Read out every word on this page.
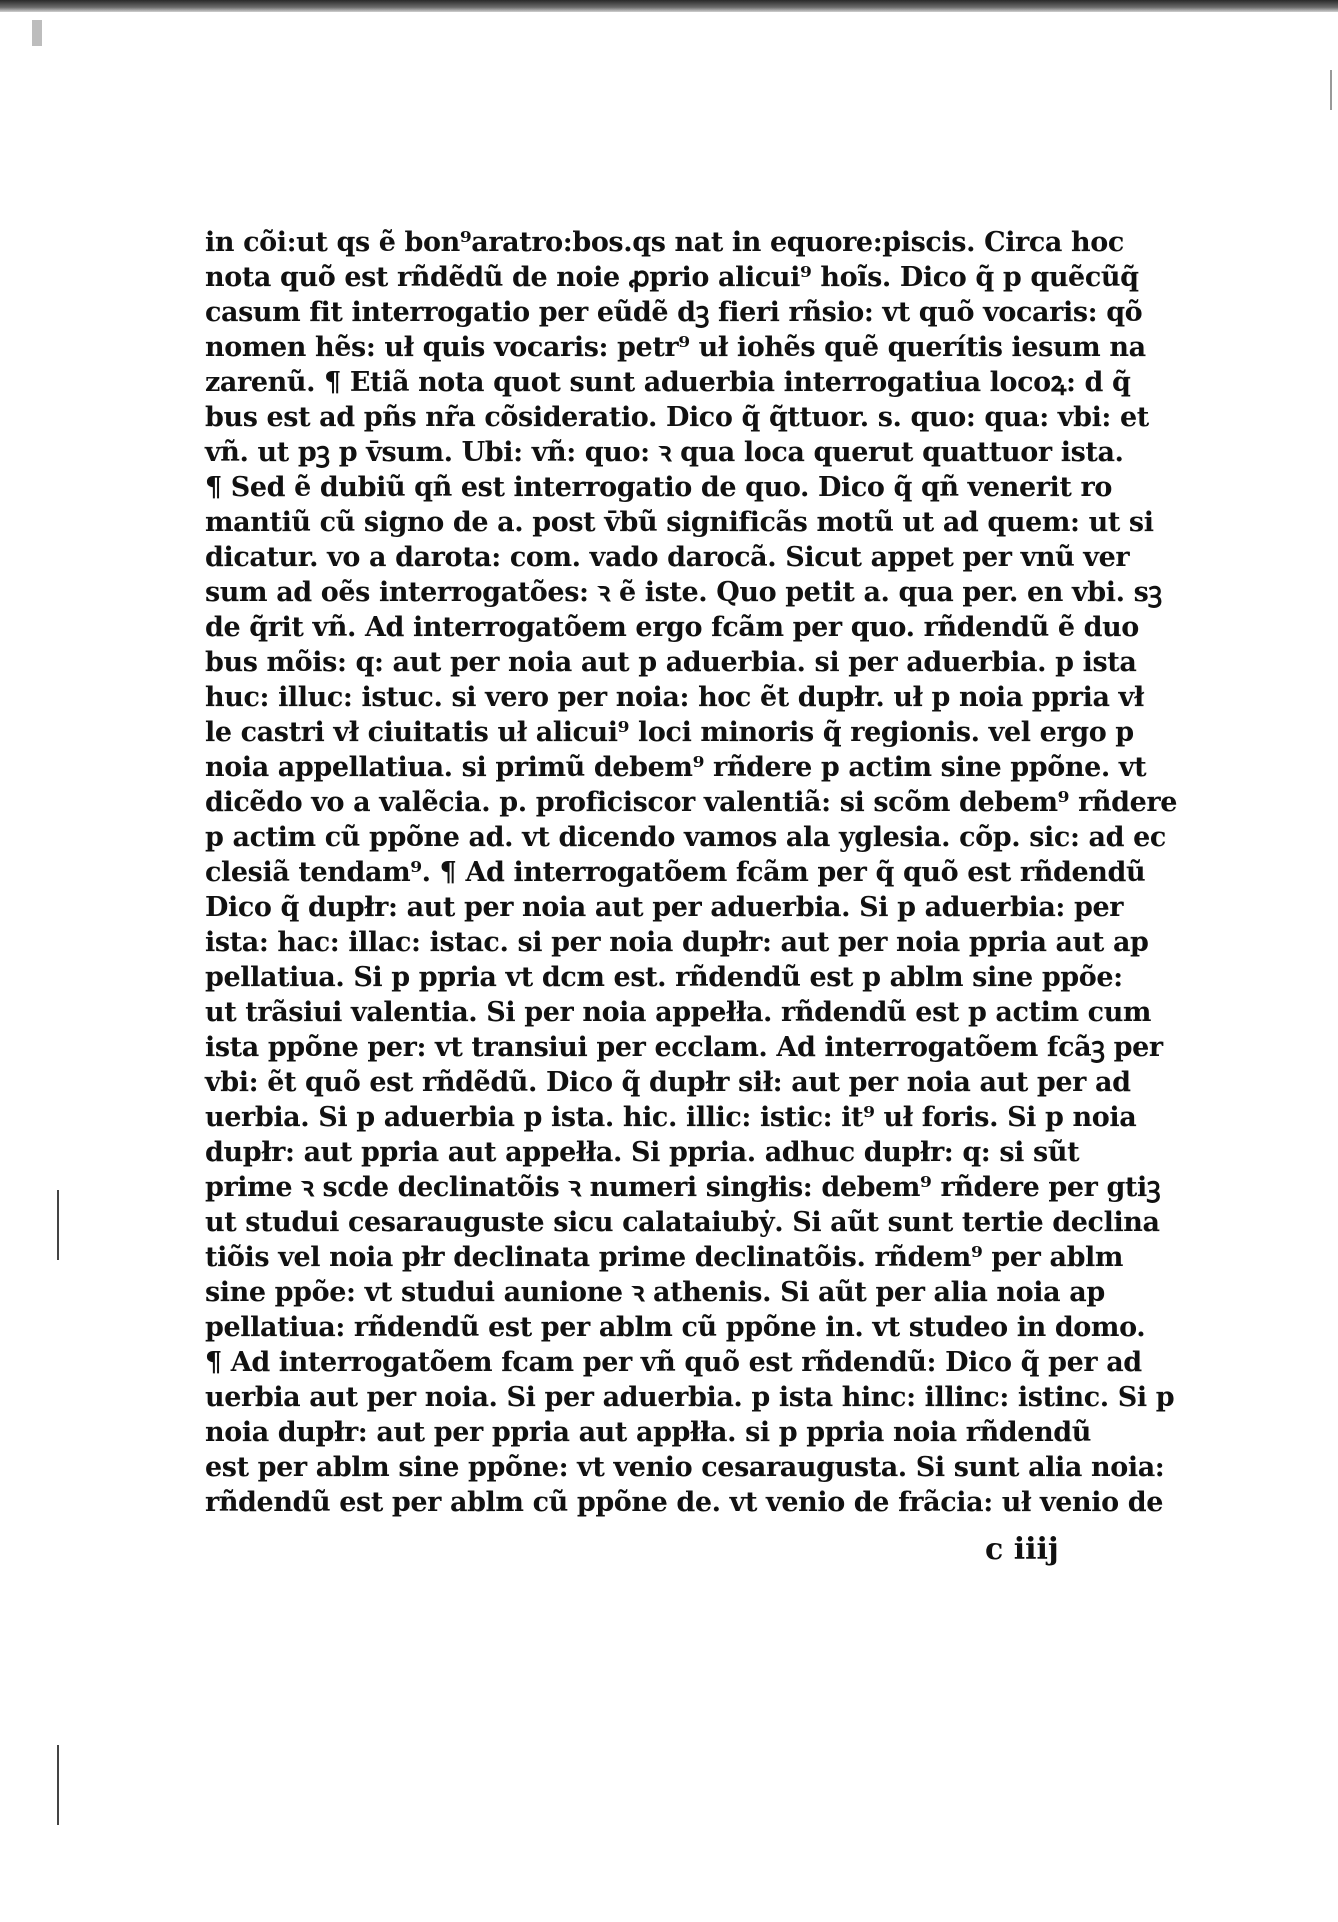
in cõi:ut qs ẽ bon⁹aratro:bos.qs nat in equore:piscis. Circa hoc
nota quõ est rñdẽdũ de noie ꝓprio alicui⁹ hoĩs. Dico q̃ p quẽcũq̃
casum fit interrogatio per eũdẽ dꝫ fieri rñsio: vt quõ vocaris: qõ
nomen hẽs: uł quis vocaris: petr⁹ uł iohẽs quẽ querítis iesum na
zarenũ. ¶ Etiã nota quot sunt aduerbia interrogatiua locoꝝ: d q̃
bus est ad pñs nr̃a cõsideratio. Dico q̃ q̃ttuor. s. quo: qua: vbi: et
vñ. ut pꝫ p v̄sum. Ubi: vñ: quo: ꝛ qua loca querut quattuor ista.
¶ Sed ẽ dubiũ qñ est interrogatio de quo. Dico q̃ qñ venerit ro
mantiũ cũ signo de a. post v̄bũ significãs motũ ut ad quem: ut si
dicatur. vo a darota: com. vado darocã. Sicut appet per vnũ ver
sum ad oẽs interrogatões: ꝛ ẽ iste. Quo petit a. qua per. en vbi. sꝫ
de q̃rit vñ. Ad interrogatõem ergo fcãm per quo. rñdendũ ẽ duo
bus mõis: q: aut per noia aut p aduerbia. si per aduerbia. p ista
huc: illuc: istuc. si vero per noia: hoc ẽt dupłr. uł p noia ppria vł
le castri vł ciuitatis uł alicui⁹ loci minoris q̃ regionis. vel ergo p
noia appellatiua. si primũ debem⁹ rñdere p actim sine ppõne. vt
dicẽdo vo a valẽcia. p. proficiscor valentiã: si scõm debem⁹ rñdere
p actim cũ ppõne ad. vt dicendo vamos ala yglesia. cõp. sic: ad ec
clesiã tendam⁹. ¶ Ad interrogatõem fcãm per q̃ quõ est rñdendũ
Dico q̃ dupłr: aut per noia aut per aduerbia. Si p aduerbia: per
ista: hac: illac: istac. si per noia dupłr: aut per noia ppria aut ap
pellatiua. Si p ppria vt dcm est. rñdendũ est p ablm sine ppõe:
ut trãsiui valentia. Si per noia appełła. rñdendũ est p actim cum
ista ppõne per: vt transiui per ecclam. Ad interrogatõem fcãꝫ per
vbi: ẽt quõ est rñdẽdũ. Dico q̃ dupłr sił: aut per noia aut per ad
uerbia. Si p aduerbia p ista. hic. illic: istic: it⁹ uł foris. Si p noia
dupłr: aut ppria aut appełła. Si ppria. adhuc dupłr: q: si sũt
prime ꝛ scde declinatõis ꝛ numeri singłis: debem⁹ rñdere per gtiꝫ
ut studui cesarauguste sicu calataiubẏ. Si aũt sunt tertie declina
tiõis vel noia płr declinata prime declinatõis. rñdem⁹ per ablm
sine ppõe: vt studui aunione ꝛ athenis. Si aũt per alia noia ap
pellatiua: rñdendũ est per ablm cũ ppõne in. vt studeo in domo.
¶ Ad interrogatõem fcam per vñ quõ est rñdendũ: Dico q̃ per ad
uerbia aut per noia. Si per aduerbia. p ista hinc: illinc: istinc. Si p
noia dupłr: aut per ppria aut appłła. si p ppria noia rñdendũ
est per ablm sine ppõne: vt venio cesaraugusta. Si sunt alia noia:
rñdendũ est per ablm cũ ppõne de. vt venio de frãcia: uł venio de
c iiij
